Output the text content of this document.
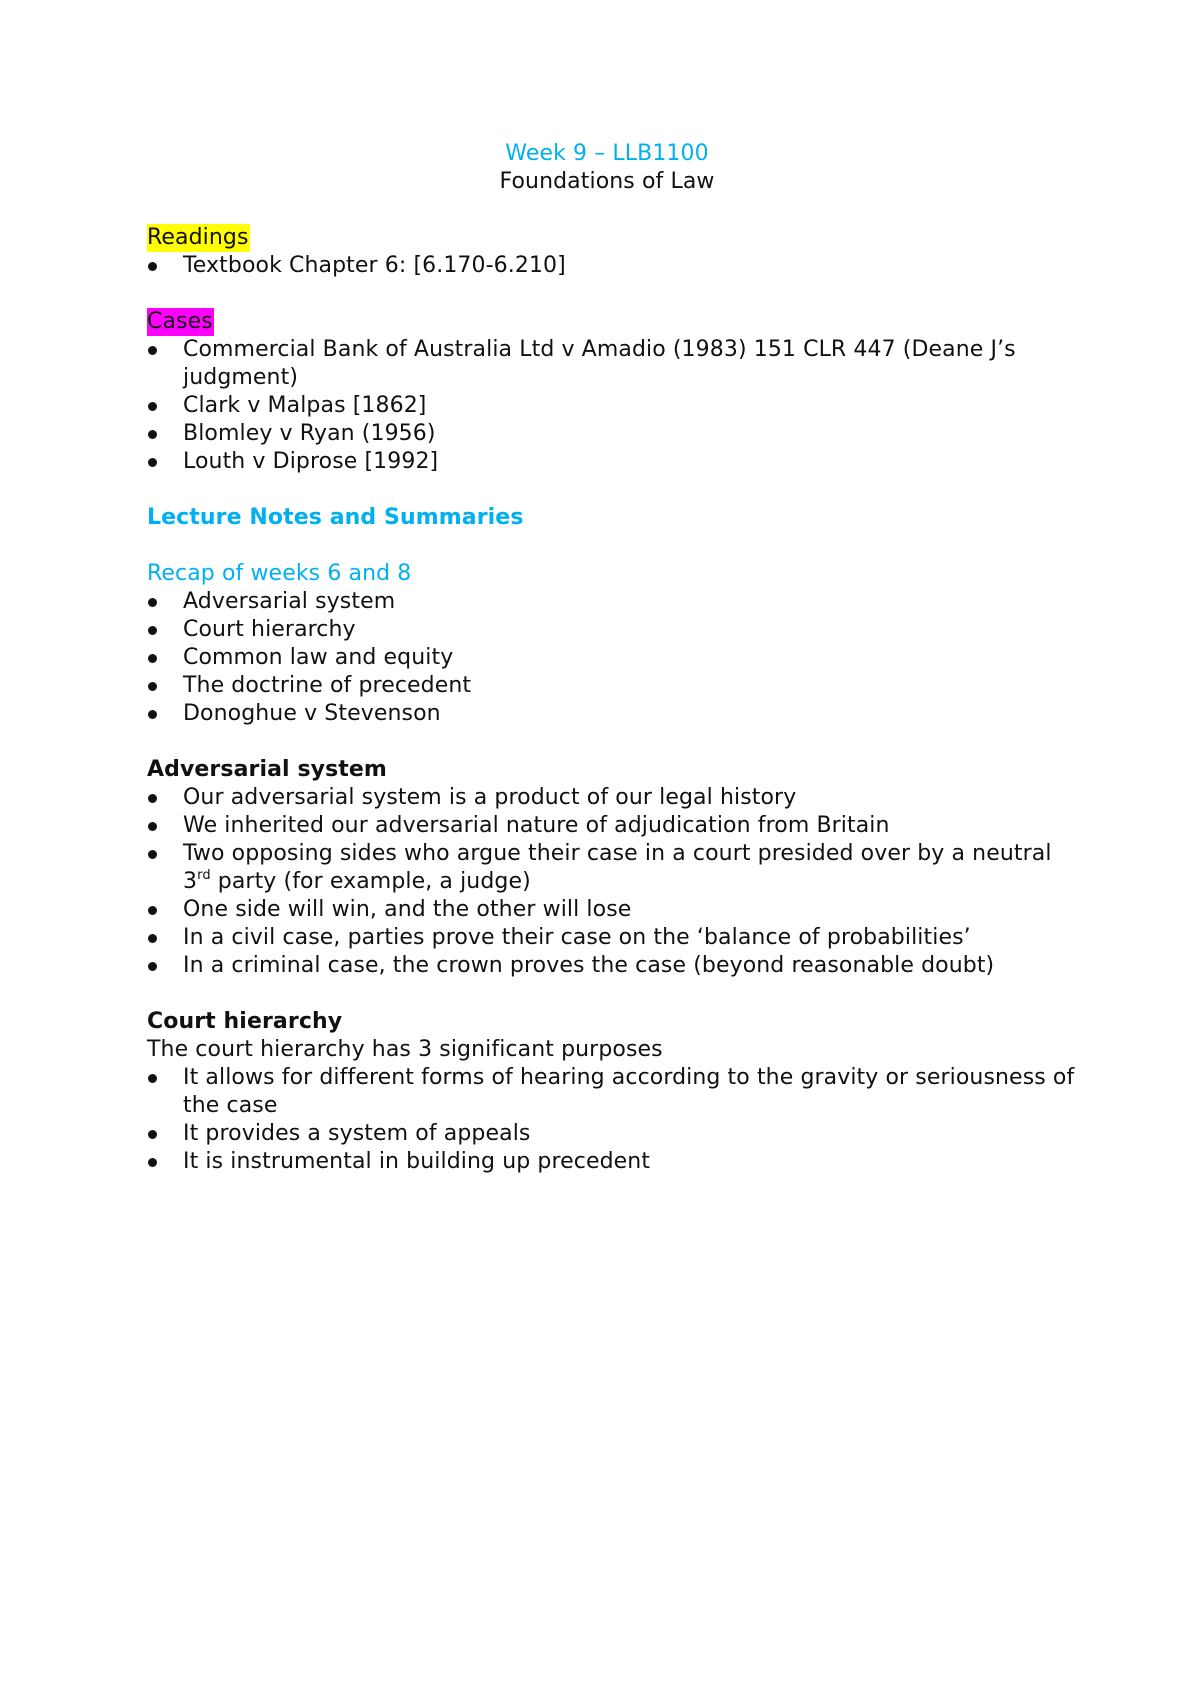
Week 9 – LLB1100
Foundations of Law
Readings
Textbook Chapter 6: [6.170-6.210]
Cases
Commercial Bank of Australia Ltd v Amadio (1983) 151 CLR 447 (Deane J’s judgment)
Clark v Malpas [1862]
Blomley v Ryan (1956)
Louth v Diprose [1992]
Lecture Notes and Summaries
Recap of weeks 6 and 8
Adversarial system
Court hierarchy
Common law and equity
The doctrine of precedent
Donoghue v Stevenson
Adversarial system
Our adversarial system is a product of our legal history
We inherited our adversarial nature of adjudication from Britain
Two opposing sides who argue their case in a court presided over by a neutral 3rd party (for example, a judge)
One side will win, and the other will lose
In a civil case, parties prove their case on the ‘balance of probabilities’
In a criminal case, the crown proves the case (beyond reasonable doubt)
Court hierarchy
The court hierarchy has 3 significant purposes
It allows for different forms of hearing according to the gravity or seriousness of the case
It provides a system of appeals
It is instrumental in building up precedent
